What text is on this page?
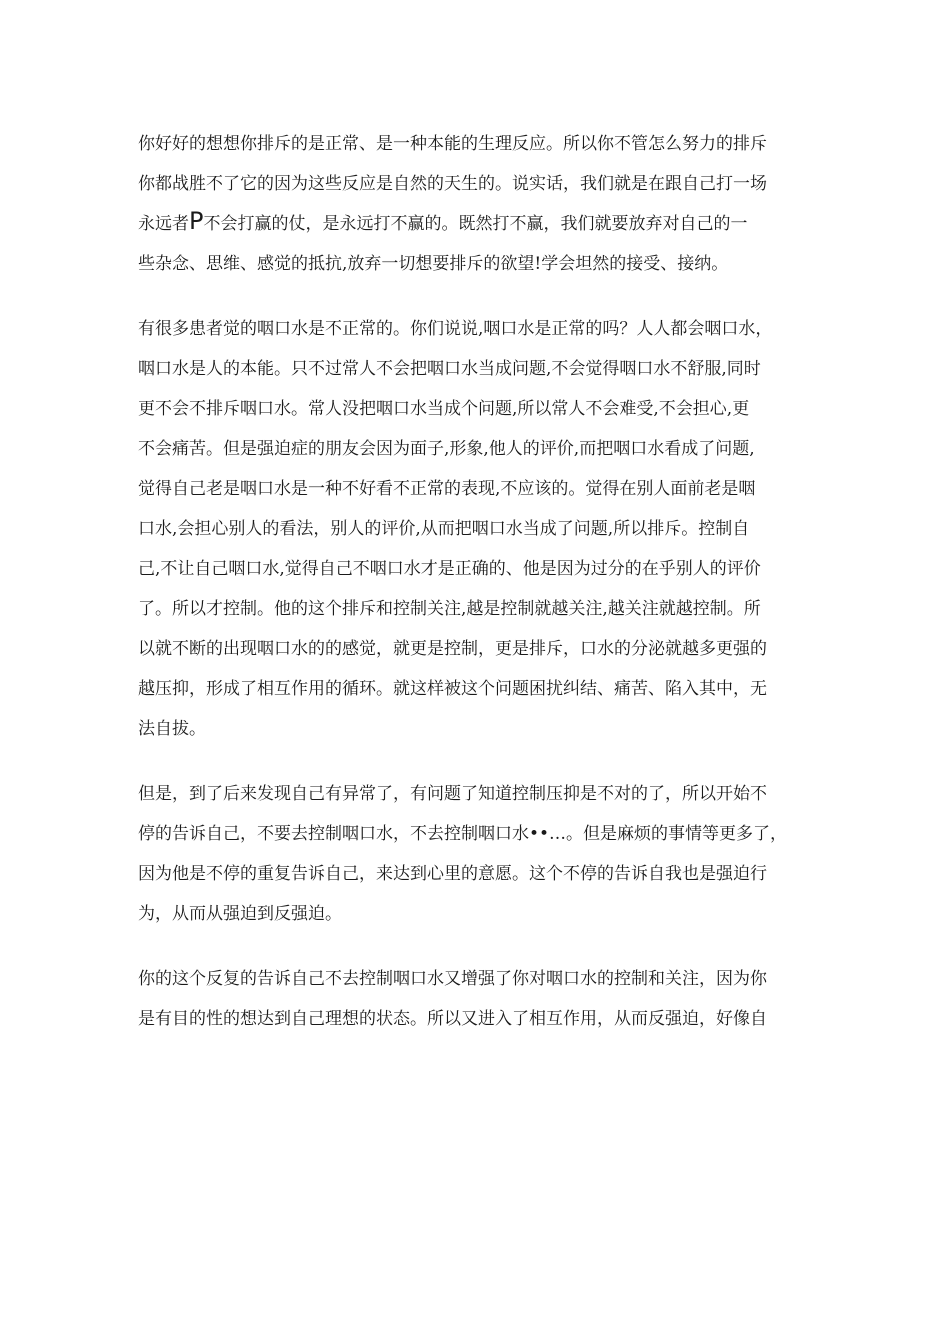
你好好的想想你排斥的是正常、是一种本能的生理反应。所以你不管怎么努力的排斥
你都战胜不了它的因为这些反应是自然的天生的。说实话，我们就是在跟自己打一场
永远者P不会打赢的仗，是永远打不赢的。既然打不赢，我们就要放弃对自己的一
些杂念、思维、感觉的抵抗,放弃一切想要排斥的欲望!学会坦然的接受、接纳。
有很多患者觉的咽口水是不正常的。你们说说,咽口水是正常的吗？人人都会咽口水，
咽口水是人的本能。只不过常人不会把咽口水当成问题,不会觉得咽口水不舒服,同时
更不会不排斥咽口水。常人没把咽口水当成个问题,所以常人不会难受,不会担心,更
不会痛苦。但是强迫症的朋友会因为面子,形象,他人的评价,而把咽口水看成了问题,
觉得自己老是咽口水是一种不好看不正常的表现,不应该的。觉得在别人面前老是咽
口水,会担心别人的看法，别人的评价,从而把咽口水当成了问题,所以排斥。控制自
己,不让自己咽口水,觉得自己不咽口水才是正确的、他是因为过分的在乎别人的评价
了。所以才控制。他的这个排斥和控制关注,越是控制就越关注,越关注就越控制。所
以就不断的出现咽口水的的感觉，就更是控制，更是排斥，口水的分泌就越多更强的
越压抑，形成了相互作用的循环。就这样被这个问题困扰纠结、痛苦、陷入其中，无
法自拔。
但是，到了后来发现自己有异常了，有问题了知道控制压抑是不对的了，所以开始不
停的告诉自己，不要去控制咽口水，不去控制咽口水••…。但是麻烦的事情等更多了，
因为他是不停的重复告诉自己，来达到心里的意愿。这个不停的告诉自我也是强迫行
为，从而从强迫到反强迫。
你的这个反复的告诉自己不去控制咽口水又增强了你对咽口水的控制和关注，因为你
是有目的性的想达到自己理想的状态。所以又进入了相互作用，从而反强迫，好像自
